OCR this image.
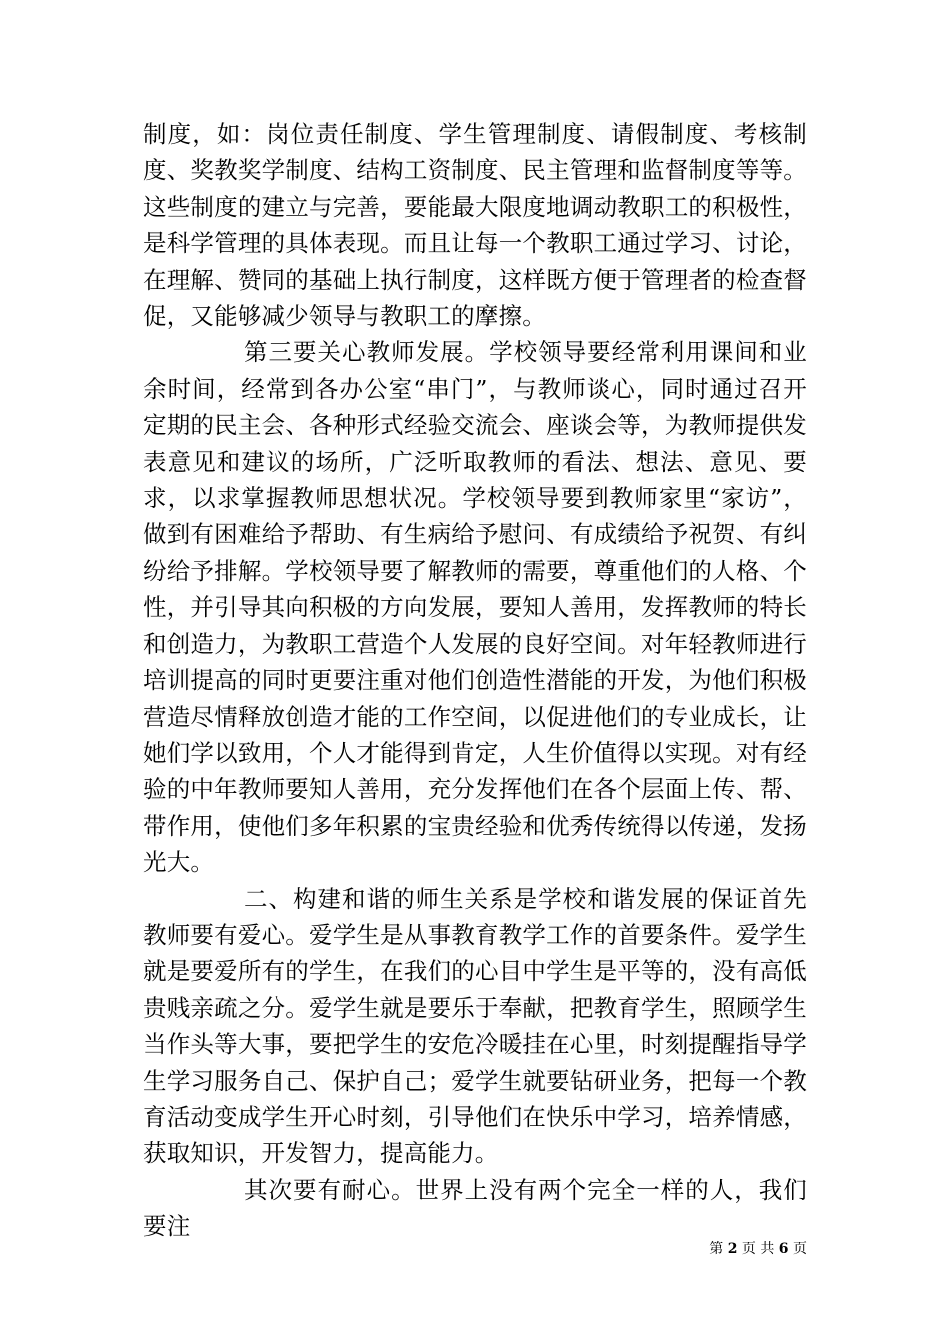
制度，如：岗位责任制度、学生管理制度、请假制度、考核制度、奖教奖学制度、结构工资制度、民主管理和监督制度等等。这些制度的建立与完善，要能最大限度地调动教职工的积极性，是科学管理的具体表现。而且让每一个教职工通过学习、讨论，在理解、赞同的基础上执行制度，这样既方便于管理者的检查督促，又能够减少领导与教职工的摩擦。

第三要关心教师发展。学校领导要经常利用课间和业余时间，经常到各办公室“串门”，与教师谈心，同时通过召开定期的民主会、各种形式经验交流会、座谈会等，为教师提供发表意见和建议的场所，广泛听取教师的看法、想法、意见、要求，以求掌握教师思想状况。学校领导要到教师家里“家访”，做到有困难给予帮助、有生病给予慰问、有成绩给予祝贺、有纠纷给予排解。学校领导要了解教师的需要，尊重他们的人格、个性，并引导其向积极的方向发展，要知人善用，发挥教师的特长和创造力，为教职工营造个人发展的良好空间。对年轻教师进行培训提高的同时更要注重对他们创造性潜能的开发，为他们积极营造尽情释放创造才能的工作空间，以促进他们的专业成长，让她们学以致用，个人才能得到肯定，人生价值得以实现。对有经验的中年教师要知人善用，充分发挥他们在各个层面上传、帮、带作用，使他们多年积累的宝贵经验和优秀传统得以传递，发扬光大。

二、构建和谐的师生关系是学校和谐发展的保证首先教师要有爱心。爱学生是从事教育教学工作的首要条件。爱学生就是要爱所有的学生，在我们的心目中学生是平等的，没有高低贵贱亲疏之分。爱学生就是要乐于奉献，把教育学生，照顾学生当作头等大事，要把学生的安危冷暖挂在心里，时刻提醒指导学生学习服务自己、保护自己；爱学生就要钻研业务，把每一个教育活动变成学生开心时刻，引导他们在快乐中学习，培养情感，获取知识，开发智力，提高能力。

其次要有耐心。世界上没有两个完全一样的人，我们要注

第 2 页 共 6 页
